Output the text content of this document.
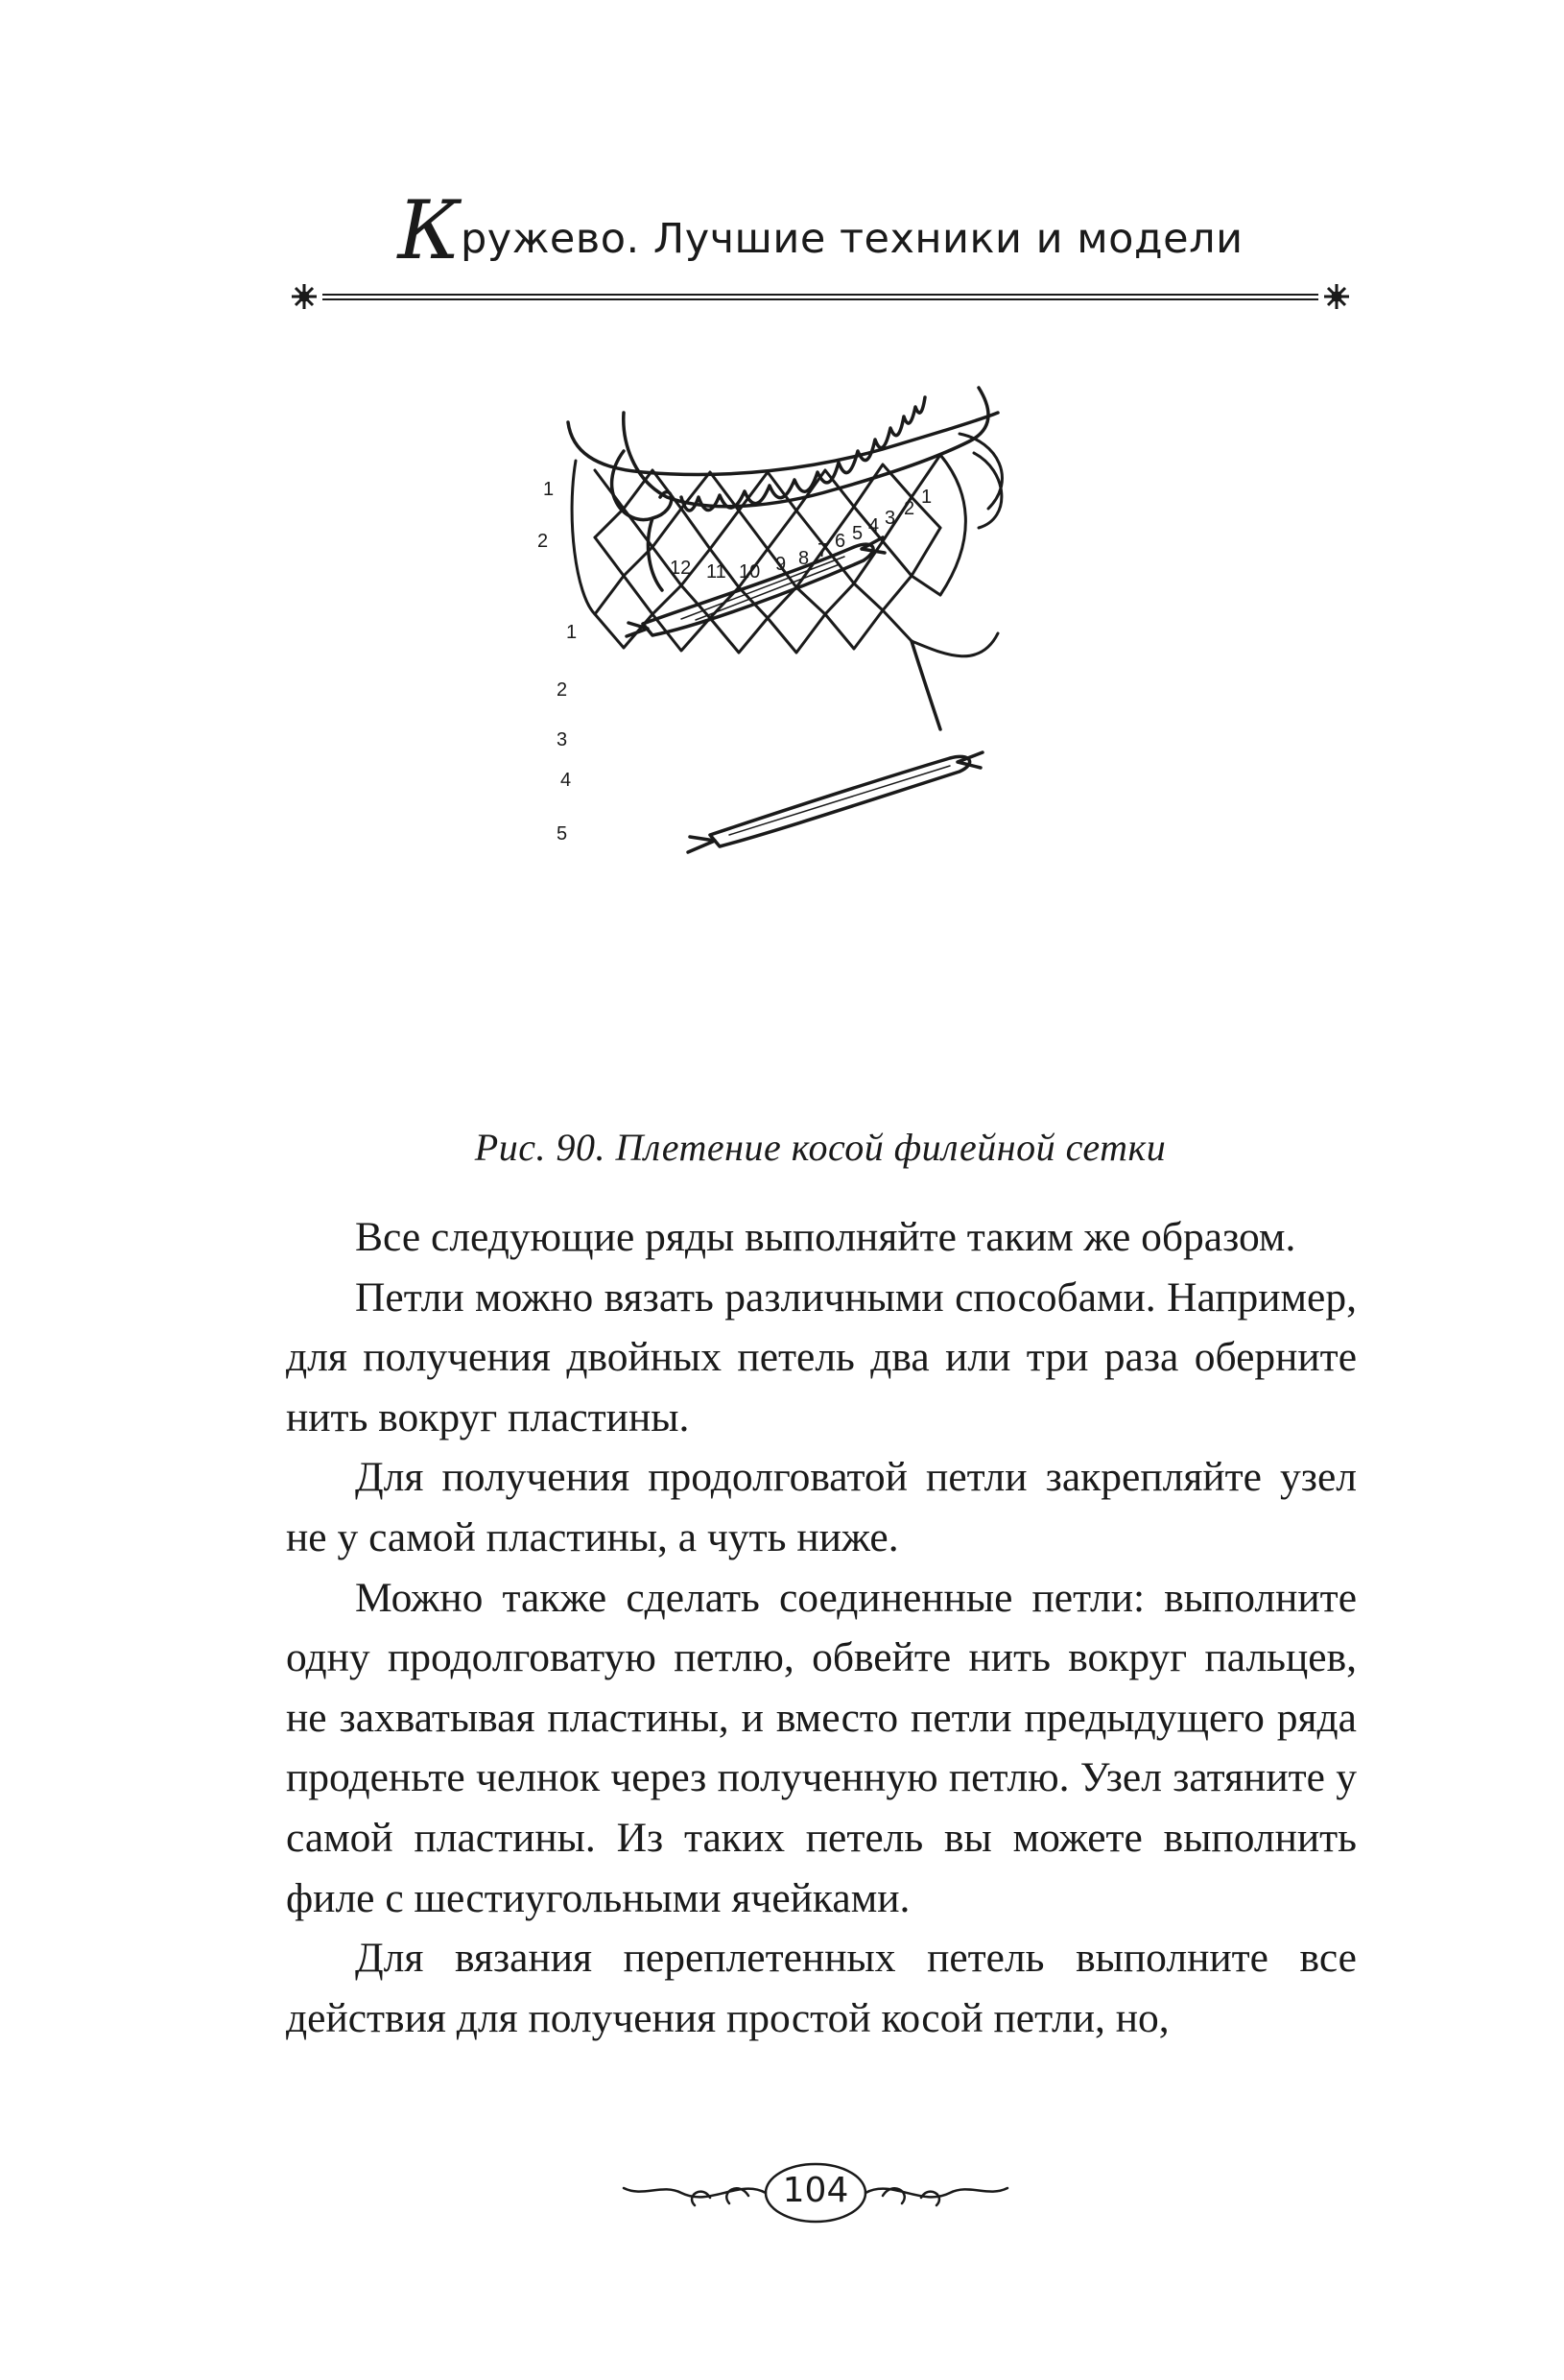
Кружево. Лучшие техники и модели
1
2
12 11 10 9 8 7 6 5 4 3 2
1
1
2
3
4
5
Рис. 90. Плетение косой филейной сетки

Все следующие ряды выполняйте таким же образом.

Петли можно вязать различными способами. Например, для получения двойных петель два или три раза оберните нить вокруг пластины.

Для получения продолговатой петли закрепляйте узел не у самой пластины, а чуть ниже.

Можно также сделать соединенные петли: выполните одну продолговатую петлю, обвейте нить вокруг пальцев, не захватывая пластины, и вместо петли предыдущего ряда проденьте челнок через полученную петлю. Узел затяните у самой пластины. Из таких петель вы можете выполнить филе с шестиугольными ячейками.

Для вязания переплетенных петель выполните все действия для получения простой косой петли, но,

104
